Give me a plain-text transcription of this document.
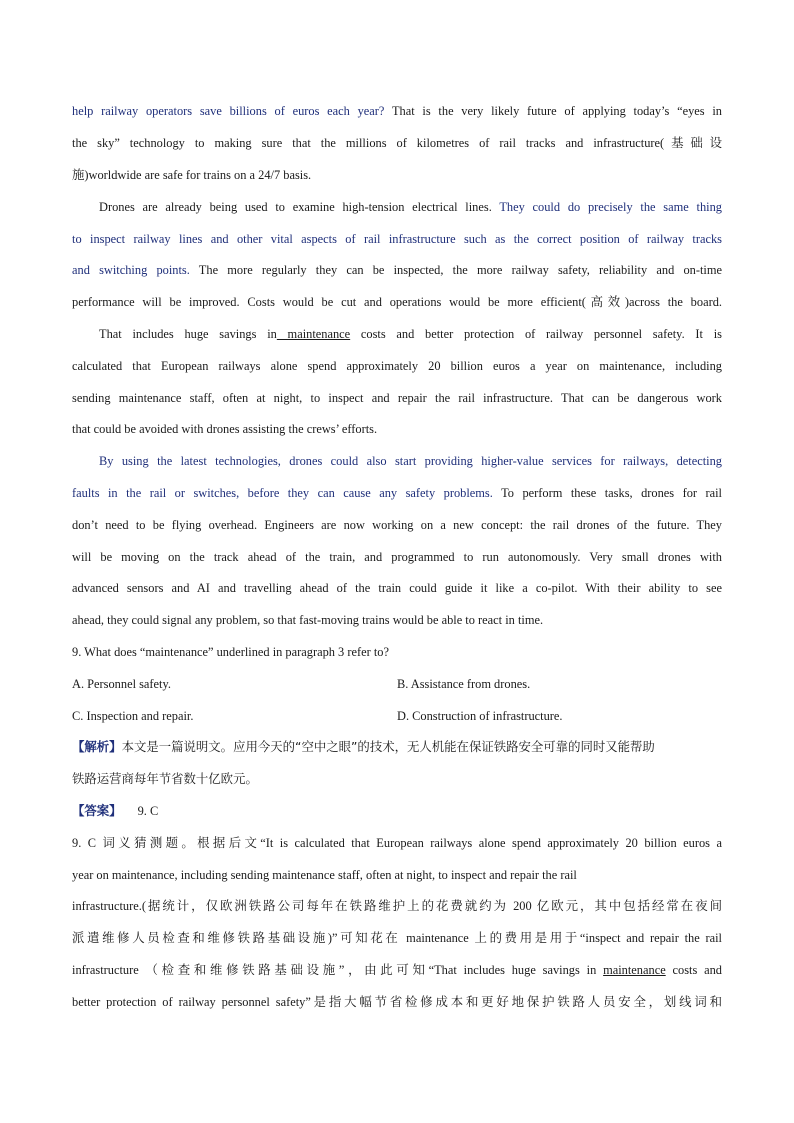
help railway operators save billions of euros each year? That is the very likely future of applying today’s “eyes in
the sky” technology to making sure that the millions of kilometres of rail tracks and infrastructure(基础设
施)worldwide are safe for trains on a 24/7 basis.
Drones are already being used to examine high-tension electrical lines. They could do precisely the same thing
to inspect railway lines and other vital aspects of rail infrastructure such as the correct position of railway tracks
and switching points. The more regularly they can be inspected, the more railway safety, reliability and on-time
performance will be improved. Costs would be cut and operations would be more efficient(高效)across the board.
That includes huge savings in maintenance costs and better protection of railway personnel safety. It is
calculated that European railways alone spend approximately 20 billion euros a year on maintenance, including
sending maintenance staff, often at night, to inspect and repair the rail infrastructure. That can be dangerous work
that could be avoided with drones assisting the crews’ efforts.
By using the latest technologies, drones could also start providing higher-value services for railways, detecting
faults in the rail or switches, before they can cause any safety problems. To perform these tasks, drones for rail
don’t need to be flying overhead. Engineers are now working on a new concept: the rail drones of the future. They
will be moving on the track ahead of the train, and programmed to run autonomously. Very small drones with
advanced sensors and AI and travelling ahead of the train could guide it like a co-pilot. With their ability to see
ahead, they could signal any problem, so that fast-moving trains would be able to react in time.
9. What does “maintenance” underlined in paragraph 3 refer to?
A. Personnel safety.	B. Assistance from drones.
C. Inspection and repair.	D. Construction of infrastructure.
【解析】本文是一篇说明文。应用今天的“空中之眼”的技术，无人机能在保证铁路安全可靠的同时又能帮助
铁路运营商每年节省数十亿欧元。
【答案】 9. C
9. C 词义猜测题。根据后文“It is calculated that European railways alone spend approximately 20 billion euros a
year on maintenance, including sending maintenance staff, often at night, to inspect and repair the rail
infrastructure.(据统计，仅欧洲铁路公司每年在铁路维护上的花费就约为 200 亿欧元，其中包括经常在夜间
派遣维修人员检查和维修铁路基础设施)”可知花在 maintenance 上的费用是用于“inspect and repair the rail
infrastructure （检查和维修铁路基础设施”，由此可知“That includes huge savings in maintenance costs and
better protection of railway personnel safety”是指大幅节省检修成本和更好地保护铁路人员安全，划线词和
